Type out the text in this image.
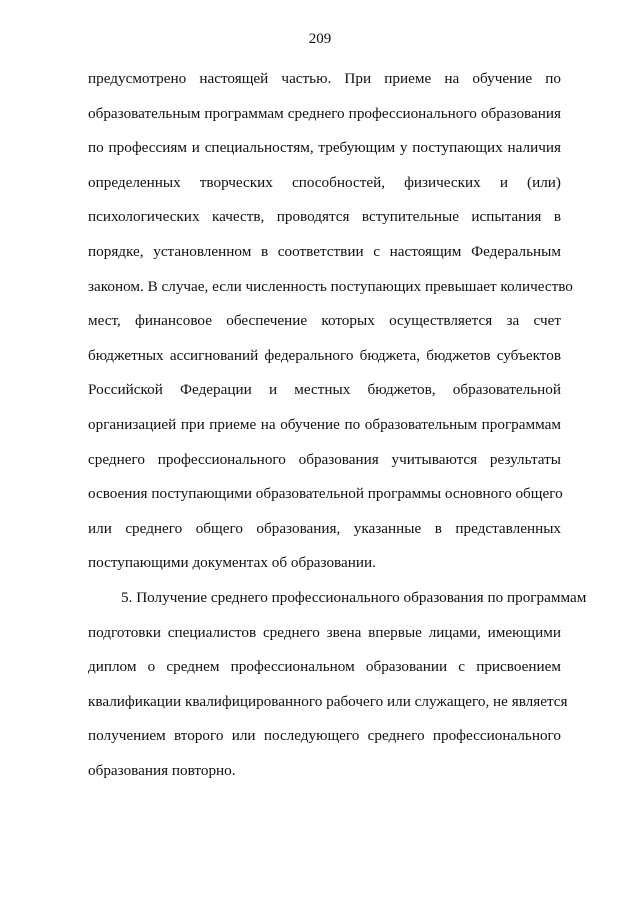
209
предусмотрено настоящей частью. При приеме на обучение по
образовательным программам среднего профессионального образования
по профессиям и специальностям, требующим у поступающих наличия
определенных творческих способностей, физических и (или)
психологических качеств, проводятся вступительные испытания в
порядке, установленном в соответствии с настоящим Федеральным
законом. В случае, если численность поступающих превышает количество
мест, финансовое обеспечение которых осуществляется за счет
бюджетных ассигнований федерального бюджета, бюджетов субъектов
Российской Федерации и местных бюджетов, образовательной
организацией при приеме на обучение по образовательным программам
среднего профессионального образования учитываются результаты
освоения поступающими образовательной программы основного общего
или среднего общего образования, указанные в представленных
поступающими документах об образовании.
5. Получение среднего профессионального образования по программам
подготовки специалистов среднего звена впервые лицами, имеющими
диплом о среднем профессиональном образовании с присвоением
квалификации квалифицированного рабочего или служащего, не является
получением второго или последующего среднего профессионального
образования повторно.
